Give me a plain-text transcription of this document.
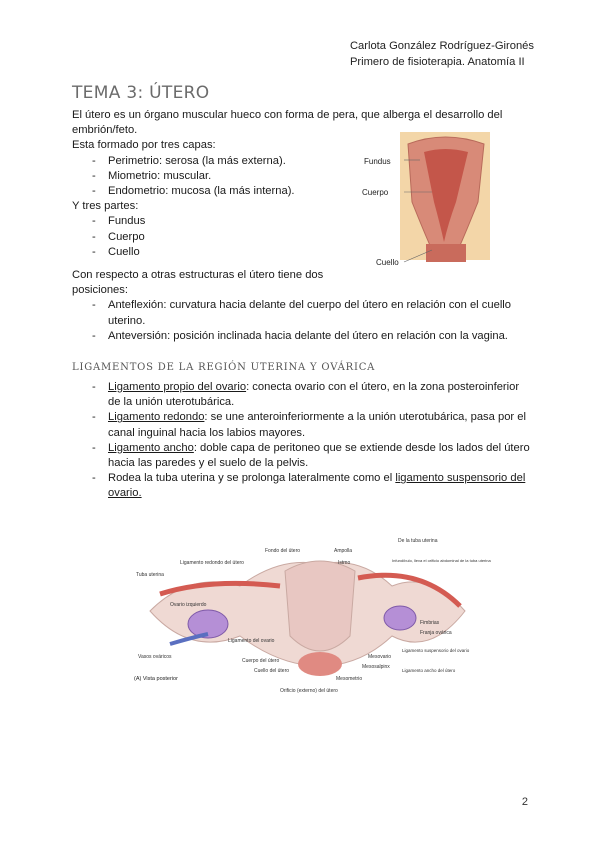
Carlota González Rodríguez-Gironés
Primero de fisioterapia. Anatomía II
TEMA 3: ÚTERO

El útero es un órgano muscular hueco con forma de pera, que alberga el desarrollo del embrión/feto.

Esta formado por tres capas:

- Perimetrio: serosa (la más externa).
- Miometrio: muscular.
- Endometrio: mucosa (la más interna).

Y tres partes:

- Fundus
- Cuerpo
- Cuello

Con respecto a otras estructuras el útero tiene dos posiciones:

- Anteflexión: curvatura hacia delante del cuerpo del útero en relación con el cuello uterino.
- Anteversión: posición inclinada hacia delante del útero en relación con la vagina.
Fundus
Cuerpo
Cuello
LIGAMENTOS DE LA REGIÓN UTERINA Y OVÁRICA
- Ligamento propio del ovario: conecta ovario con el útero, en la zona posteroinferior de la unión uterotubárica.
- Ligamento redondo: se une anteroinferiormente a la unión uterotubárica, pasa por el canal inguinal hacia los labios mayores.
- Ligamento ancho: doble capa de peritoneo que se extiende desde los lados del útero hacia las paredes y el suelo de la pelvis.
- Rodea la tuba uterina y se prolonga lateralmente como el ligamento suspensorio del ovario.
Tuba uterina
Ligamento redondo del útero
Fondo del útero
De la tuba uterina
Ampolla
Istmo	Infundíbulo, lleva el orificio abdominal de la tuba uterina
Ovario izquierdo
Ligamento del ovario
Fimbrias
Franja ovárica
Vasos ováricos
Cuerpo del útero
Cuello del útero
Mesovario
Mesosalpinx
Mesometrio
Ligamento suspensorio del ovario
Ligamento ancho del útero
Orificio (externo) del útero
(A) Vista posterior
2
